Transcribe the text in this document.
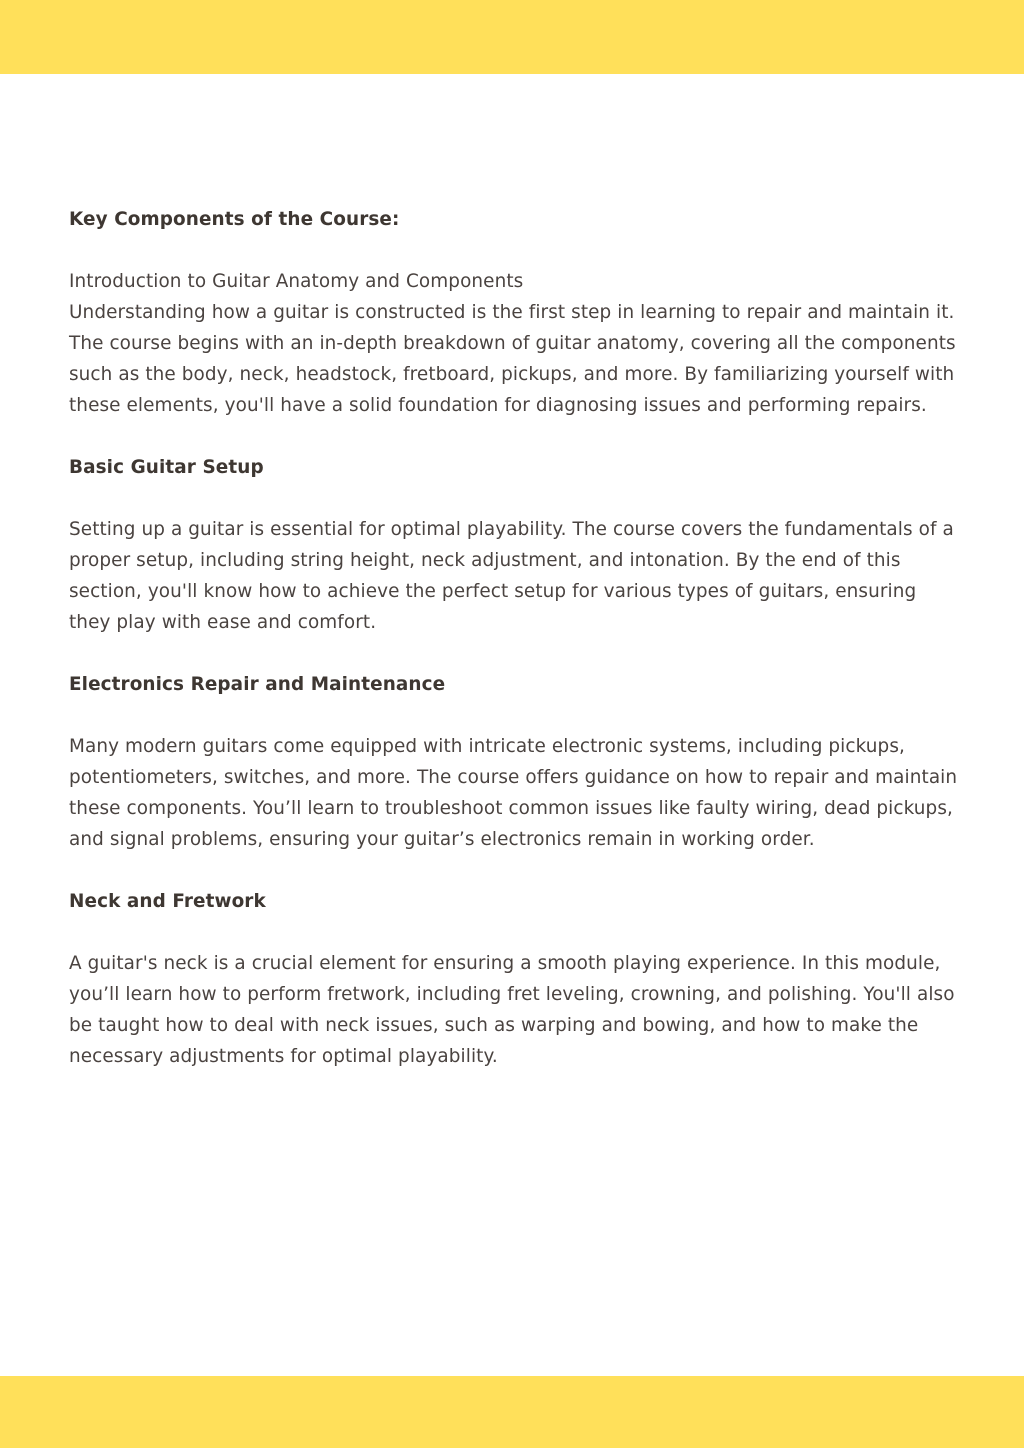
Key Components of the Course:

Introduction to Guitar Anatomy and Components

Understanding how a guitar is constructed is the first step in learning to repair and maintain it. The course begins with an in-depth breakdown of guitar anatomy, covering all the components such as the body, neck, headstock, fretboard, pickups, and more. By familiarizing yourself with these elements, you'll have a solid foundation for diagnosing issues and performing repairs.

Basic Guitar Setup

Setting up a guitar is essential for optimal playability. The course covers the fundamentals of a proper setup, including string height, neck adjustment, and intonation. By the end of this section, you'll know how to achieve the perfect setup for various types of guitars, ensuring they play with ease and comfort.

Electronics Repair and Maintenance

Many modern guitars come equipped with intricate electronic systems, including pickups, potentiometers, switches, and more. The course offers guidance on how to repair and maintain these components. You’ll learn to troubleshoot common issues like faulty wiring, dead pickups, and signal problems, ensuring your guitar’s electronics remain in working order.

Neck and Fretwork

A guitar's neck is a crucial element for ensuring a smooth playing experience. In this module, you’ll learn how to perform fretwork, including fret leveling, crowning, and polishing. You'll also be taught how to deal with neck issues, such as warping and bowing, and how to make the necessary adjustments for optimal playability.
